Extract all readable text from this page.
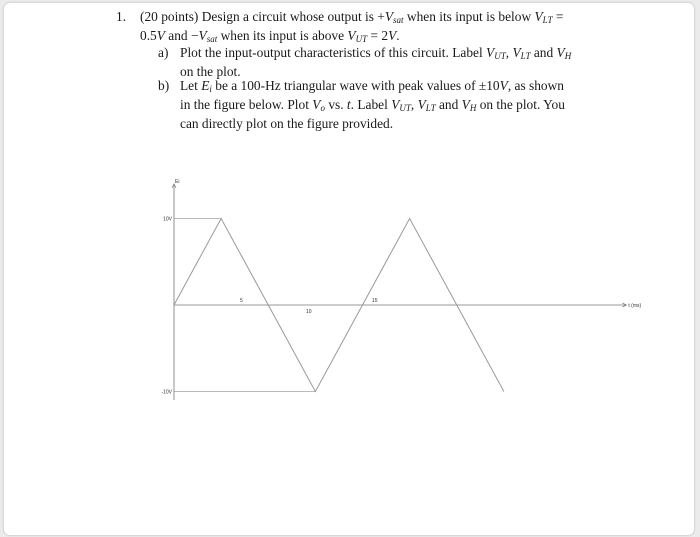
1. (20 points) Design a circuit whose output is $+V_{sat}$ when its input is below $V_{LT}$ =
0.5V and $-V_{sat}$ when its input is above $V_{UT} = 2V$.
a) Plot the input-output characteristics of this circuit. Label $V_{UT}$, $V_{LT}$ and $V_H$
on the plot.
b) Let $E_i$ be a 100-Hz triangular wave with peak values of ±10V, as shown
in the figure below. Plot $V_o$ vs. t. Label $V_{UT}$, $V_{LT}$ and $V_H$ on the plot. You
can directly plot on the figure provided.
Ei
t (ms)
10V
-10V
5
10
15
